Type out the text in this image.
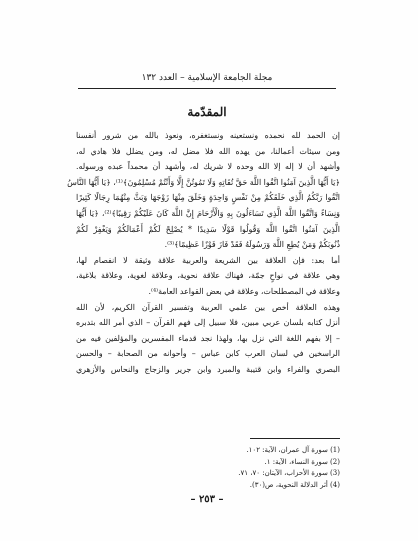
مجلة الجامعة الإسلامية – العدد ١٣٢
المقدّمة
إن الحمد لله نحمده ونستعينه ونستغفره، ونعوذ بالله من شرور أنفسنا
ومن سيئات أعمالنا، من يهده الله فلا مضل له، ومن يضلل فلا هادي له،
وأشهد أن لا إله إلا الله وحده لا شريك له، وأشهد أن محمداً عبده ورسوله.
﴿يَا أَيُّهَا الَّذِينَ آمَنُوا اتَّقُوا اللَّهَ حَقَّ تُقَاتِهِ وَلَا تَمُوتُنَّ إِلَّا وَأَنْتُمْ مُسْلِمُونَ﴾⁽¹⁾، ﴿يَا أَيُّهَا النَّاسُ
اتَّقُوا رَبَّكُمُ الَّذِي خَلَقَكُمْ مِنْ نَفْسٍ وَاحِدَةٍ وَخَلَقَ مِنْهَا زَوْجَهَا وَبَثَّ مِنْهُمَا رِجَالًا كَثِيرًا
وَنِسَاءً وَاتَّقُوا اللَّهَ الَّذِي تَسَاءَلُونَ بِهِ وَالْأَرْحَامَ إِنَّ اللَّهَ كَانَ عَلَيْكُمْ رَقِيبًا﴾⁽²⁾، ﴿يَا أَيُّهَا
الَّذِينَ آمَنُوا اتَّقُوا اللَّهَ وَقُولُوا قَوْلًا سَدِيدًا * يُصْلِحْ لَكُمْ أَعْمَالَكُمْ وَيَغْفِرْ لَكُمْ
ذُنُوبَكُمْ وَمَنْ يُطِعِ اللَّهَ وَرَسُولَهُ فَقَدْ فَازَ فَوْزًا عَظِيمًا﴾⁽³⁾.
أما بعد: فإن العلاقة بين الشريعة والعربية علاقة وثيقة لا انفصام لها،
وهي علاقة في نواحٍ جمّة، فهناك علاقة نحوية، وعلاقة لغوية، وعلاقة بلاغية،
وعلاقة في المصطلحات، وعلاقة في بعض القواعد العامة⁽⁴⁾.
وهذه العلاقة أخص بين علمي العربية وتفسير القرآن الكريم، لأن الله
أنزل كتابه بلسان عربي مبين، فلا سبيل إلى فهم القرآن – الذي أمر الله بتدبره
– إلا بفهم اللغة التي نزل بها، ولهذا نجد قدماء المفسرين والمؤلفين فيه من
الراسخين في لسان العرب كابن عباس – وأحوانه من الصحابة – والحسن
البصري والفراء وابن قتيبة والمبرد وابن جرير والزجاج والنحاس والأزهري
(1) سورة آل عمران، الآية: ١٠٢.
(2) سورة النساء، الآية: ١.
(3) سورة الأحزاب، الآيتان: ٧٠، ٧١.
(4) أثر الدلالة النحوية، ص(٣٠).
– ٢٥٣ –
